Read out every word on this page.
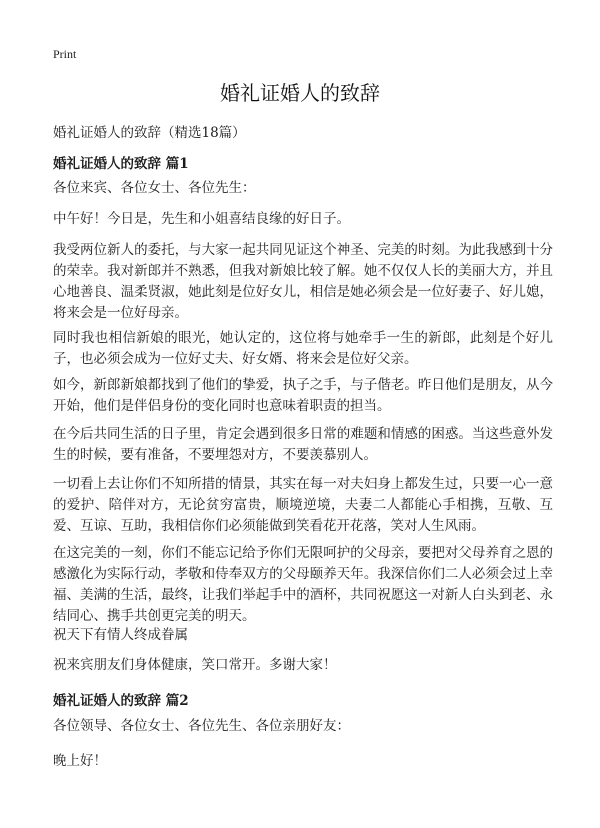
Print
婚礼证婚人的致辞

婚礼证婚人的致辞（精选18篇）

婚礼证婚人的致辞 篇1

各位来宾、各位女士、各位先生：

中午好！今日是，先生和小姐喜结良缘的好日子。

我受两位新人的委托，与大家一起共同见证这个神圣、完美的时刻。为此我感到十分的荣幸。我对新郎并不熟悉，但我对新娘比较了解。她不仅仅人长的美丽大方，并且心地善良、温柔贤淑，她此刻是位好女儿，相信是她必须会是一位好妻子、好儿媳，将来会是一位好母亲。

同时我也相信新娘的眼光，她认定的，这位将与她牵手一生的新郎，此刻是个好儿子，也必须会成为一位好丈夫、好女婿、将来会是位好父亲。

如今，新郎新娘都找到了他们的挚爱，执子之手，与子偕老。昨日他们是朋友，从今开始，他们是伴侣身份的变化同时也意味着职责的担当。

在今后共同生活的日子里，肯定会遇到很多日常的难题和情感的困惑。当这些意外发生的时候，要有准备，不要埋怨对方，不要羡慕别人。

一切看上去让你们不知所措的情景，其实在每一对夫妇身上都发生过，只要一心一意的爱护、陪伴对方，无论贫穷富贵，顺境逆境，夫妻二人都能心手相携，互敬、互爱、互谅、互助，我相信你们必须能做到笑看花开花落，笑对人生风雨。

在这完美的一刻，你们不能忘记给予你们无限呵护的父母亲，要把对父母养育之恩的感激化为实际行动，孝敬和侍奉双方的父母颐养天年。我深信你们二人必须会过上幸福、美满的生活，最终，让我们举起手中的酒杯，共同祝愿这一对新人白头到老、永结同心、携手共创更完美的明天。

祝天下有情人终成眷属

祝来宾朋友们身体健康，笑口常开。多谢大家！

婚礼证婚人的致辞 篇2

各位领导、各位女士、各位先生、各位亲朋好友：

晚上好！
